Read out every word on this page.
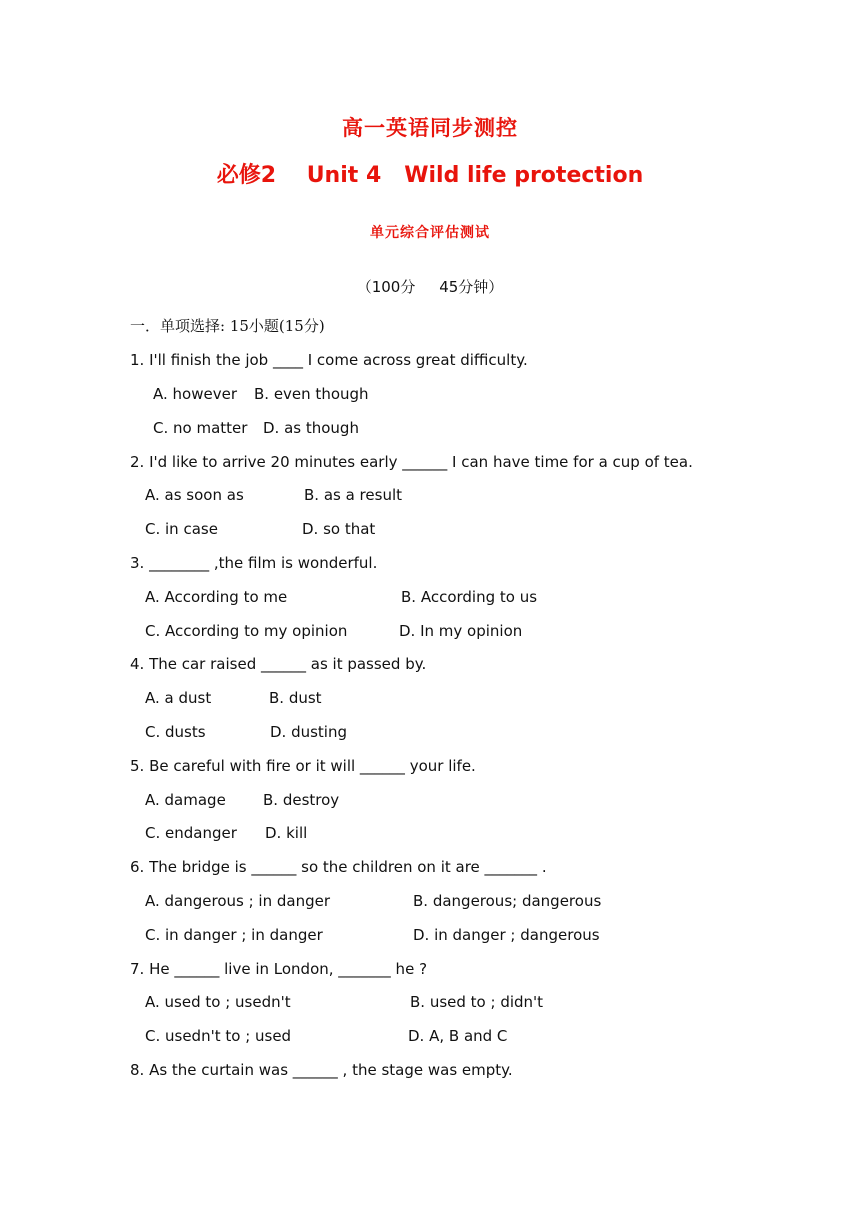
高一英语同步测控
必修2    Unit 4   Wild life protection
单元综合评估测试
（100分     45分钟）
一．单项选择: 15小题(15分)
1. I'll finish the job ____ I come across great difficulty.
A. however B. even though
C. no matter D. as though
2. I'd like to arrive 20 minutes early ______ I can have time for a cup of tea.
A. as soon as	B. as a result
C. in case	D. so that
3. ________ ,the film is wonderful.
A. According to me	B. According to us
C. According to my opinion	D. In my opinion
4. The car raised ______ as it passed by.
A. a dust	B. dust
C. dusts	D. dusting
5. Be careful with fire or it will ______ your life.
A. damage B. destroy
C. endanger D. kill
6. The bridge is ______ so the children on it are _______ .
A. dangerous ; in danger	B. dangerous; dangerous
C. in danger ; in danger	D. in danger ; dangerous
7. He ______ live in London, _______ he ?
A. used to ; usedn't	B. used to ; didn't
C. usedn't to ; used	D. A, B and C
8. As the curtain was ______ , the stage was empty.
